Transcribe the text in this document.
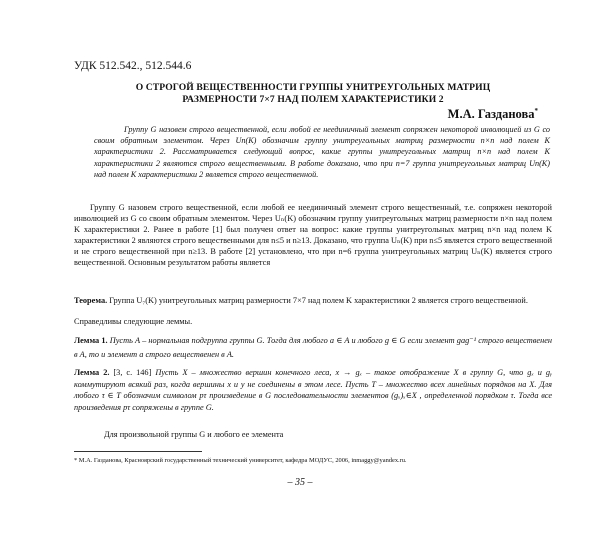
УДК 512.542., 512.544.6
О СТРОГОЙ ВЕЩЕСТВЕННОСТИ ГРУППЫ УНИТРЕУГОЛЬНЫХ МАТРИЦ
РАЗМЕРНОСТИ 7×7 НАД ПОЛЕМ ХАРАКТЕРИСТИКИ 2
М.А. Газданова*
Группу G назовем строго вещественной, если любой ее неединичный элемент сопряжен некоторой инволюцией из G со своим обратным элементом. Через Un(K) обозначим группу унитреугольных матриц размерности n×n над полем K характеристики 2. Рассматривается следующий вопрос, какие группы унитреугольных матриц n×n над полем K характеристики 2 являются строго вещественными. В работе доказано, что при n=7 группа унитреугольных матриц Un(K) над полем K характеристики 2 является строго вещественной.
Группу G назовем строго вещественной, если любой ее неединичный элемент строго вещественный, т.е. сопряжен некоторой инволюцией из G со своим обратным элементом. Через Uₙ(K) обозначим группу унитреугольных матриц размерности n×n над полем K характеристики 2. Ранее в работе [1] был получен ответ на вопрос: какие группы унитреугольных матриц n×n над полем K характеристики 2 являются строго вещественными для n≤5 и n≥13. Доказано, что группа Uₙ(K) при n≤5 является строго вещественной и не строго вещественной при n≥13. В работе [2] установлено, что при n=6 группа унитреугольных матриц Uₙ(K) является строго вещественной. Основным результатом работы является
Теорема. Группа U₇(K) унитреугольных матриц размерности 7×7 над полем K характеристики 2 является строго вещественной.
Справедливы следующие леммы.
Лемма 1. Пусть A – нормальная подгруппа группы G. Тогда для любого a ∈ A и любого g ∈ G если элемент gag⁻¹ строго вещественен в A, то и элемент a строго вещественен в A.
Лемма 2. [3, с. 146] Пусть X – множество вершин конечного леса, x → gₓ – такое отображение X в группу G, что gₓ и gᵧ коммутируют всякий раз, когда вершины x и y не соединены в этом лесе. Пусть T – множество всех линейных порядков на X. Для любого τ ∈ T обозначим символом pτ произведение в G последовательности элементов (gₓ)ₓ∈X , определенной порядком τ. Тогда все произведения pτ сопряжены в группе G.
Для произвольной группы G и любого ее элемента
* М.А. Газданова, Красноярский государственный технический университет, кафедра МОДУС, 2006, inmaggy@yandex.ru.
– 35 –
